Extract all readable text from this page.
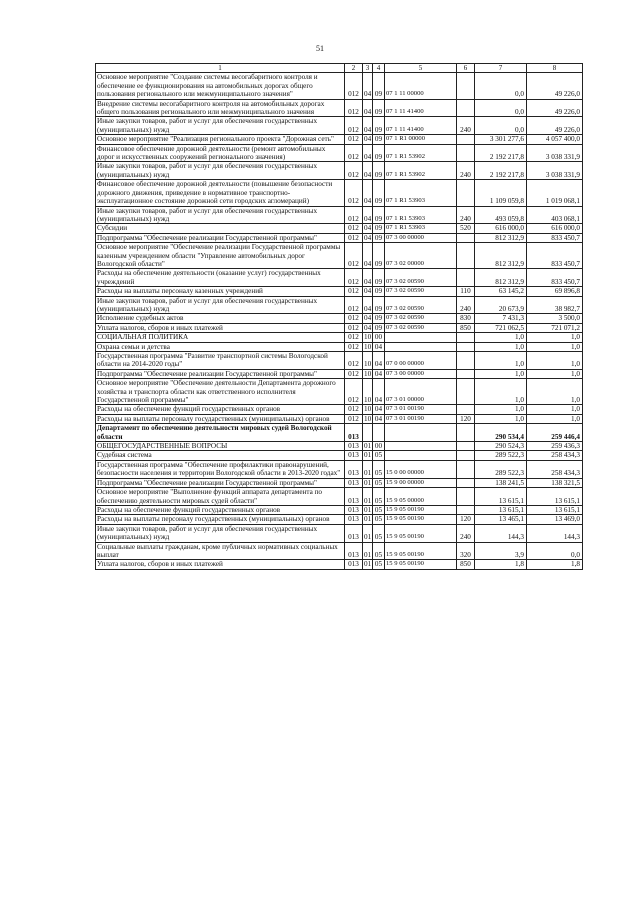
51
1	2	3	4	5	6	7	8
Основное мероприятие "Создание системы весогабаритного контроля и обеспечение ее функционирования на автомобильных дорогах общего пользования регионального или межмуниципального значения"	012	04	09	07 1 11 00000		0,0	49 226,0
Внедрение системы весогабаритного контроля на автомобильных дорогах общего пользования регионального или межмуниципального значения	012	04	09	07 1 11 41400		0,0	49 226,0
Иные закупки товаров, работ и услуг для обеспечения государственных (муниципальных) нужд	012	04	09	07 1 11 41400	240	0,0	49 226,0
Основное мероприятие "Реализация регионального проекта "Дорожная сеть"	012	04	09	07 1 R1 00000		3 301 277,6	4 057 400,0
Финансовое обеспечение дорожной деятельности (ремонт автомобильных дорог и искусственных сооружений регионального значения)	012	04	09	07 1 R1 53902		2 192 217,8	3 038 331,9
Иные закупки товаров, работ и услуг для обеспечения государственных (муниципальных) нужд	012	04	09	07 1 R1 53902	240	2 192 217,8	3 038 331,9
Финансовое обеспечение дорожной деятельности (повышение безопасности дорожного движения, приведение в нормативное транспортно-эксплуатационное состояние дорожной сети городских агломераций)	012	04	09	07 1 R1 53903		1 109 059,8	1 019 068,1
Иные закупки товаров, работ и услуг для обеспечения государственных (муниципальных) нужд	012	04	09	07 1 R1 53903	240	493 059,8	403 068,1
Субсидии	012	04	09	07 1 R1 53903	520	616 000,0	616 000,0
Подпрограмма "Обеспечение реализации Государственной программы"	012	04	09	07 3 00 00000		812 312,9	833 450,7
Основное мероприятие "Обеспечение реализации Государственной программы казенным учреждением области "Управление автомобильных дорог Вологодской области"	012	04	09	07 3 02 00000		812 312,9	833 450,7
Расходы на обеспечение деятельности (оказание услуг) государственных учреждений	012	04	09	07 3 02 00590		812 312,9	833 450,7
Расходы на выплаты персоналу казенных учреждений	012	04	09	07 3 02 00590	110	63 145,2	69 896,8
Иные закупки товаров, работ и услуг для обеспечения государственных (муниципальных) нужд	012	04	09	07 3 02 00590	240	20 673,9	38 982,7
Исполнение судебных актов	012	04	09	07 3 02 00590	830	7 431,3	3 500,0
Уплата налогов, сборов и иных платежей	012	04	09	07 3 02 00590	850	721 062,5	721 071,2
СОЦИАЛЬНАЯ ПОЛИТИКА	012	10	00			1,0	1,0
Охрана семьи и детства	012	10	04			1,0	1,0
Государственная программа "Развитие транспортной системы Вологодской области на 2014-2020 годы"	012	10	04	07 0 00 00000		1,0	1,0
Подпрограмма "Обеспечение реализации Государственной программы"	012	10	04	07 3 00 00000		1,0	1,0
Основное мероприятие "Обеспечение деятельности Департамента дорожного хозяйства и транспорта области как ответственного исполнителя Государственной программы"	012	10	04	07 3 01 00000		1,0	1,0
Расходы на обеспечение функций государственных органов	012	10	04	07 3 01 00190		1,0	1,0
Расходы на выплаты персоналу государственных (муниципальных) органов	012	10	04	07 3 01 00190	120	1,0	1,0
Департамент по обеспечению деятельности мировых судей Вологодской области	013					290 534,4	259 446,4
ОБЩЕГОСУДАРСТВЕННЫЕ ВОПРОСЫ	013	01	00			290 524,3	259 436,3
Судебная система	013	01	05			289 522,3	258 434,3
Государственная программа "Обеспечение профилактики правонарушений, безопасности населения и территории Вологодской области в 2013-2020 годах"	013	01	05	15 0 00 00000		289 522,3	258 434,3
Подпрограмма "Обеспечение реализации Государственной программы"	013	01	05	15 9 00 00000		138 241,5	138 321,5
Основное мероприятие "Выполнение функций аппарата департамента по обеспечению деятельности мировых судей области"	013	01	05	15 9 05 00000		13 615,1	13 615,1
Расходы на обеспечение функций государственных органов	013	01	05	15 9 05 00190		13 615,1	13 615,1
Расходы на выплаты персоналу государственных (муниципальных) органов	013	01	05	15 9 05 00190	120	13 465,1	13 469,0
Иные закупки товаров, работ и услуг для обеспечения государственных (муниципальных) нужд	013	01	05	15 9 05 00190	240	144,3	144,3
Социальные выплаты гражданам, кроме публичных нормативных социальных выплат	013	01	05	15 9 05 00190	320	3,9	0,0
Уплата налогов, сборов и иных платежей	013	01	05	15 9 05 00190	850	1,8	1,8
